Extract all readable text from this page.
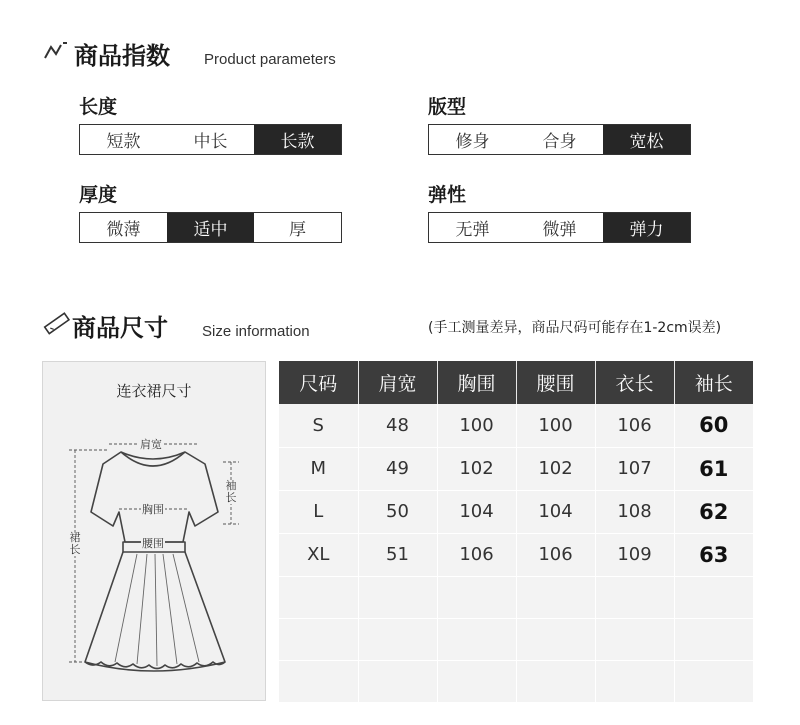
商品指数 Product parameters
长度
短款	中长	长款
版型
修身	合身	宽松
厚度
微薄	适中	厚
弹性
无弹	微弹	弹力
商品尺寸 Size information	(手工测量差异，商品尺码可能存在1-2cm误差)
连衣裙尺寸
肩宽
胸围
腰围
袖长
裙长
尺码	肩宽	胸围	腰围	衣长	袖长
S	48	100	100	106	60
M	49	102	102	107	61
L	50	104	104	108	62
XL	51	106	106	109	63
